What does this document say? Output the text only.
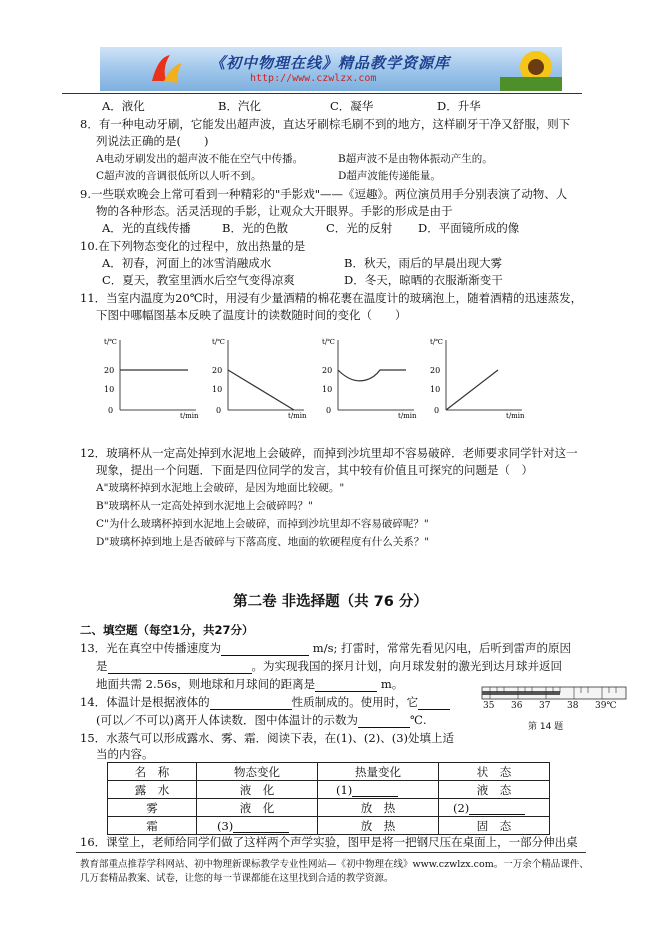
《初中物理在线》精品教学资源库
http://www.czwlzx.com
A．液化	B．汽化	C．凝华	D．升华
8．有一种电动牙刷，它能发出超声波，直达牙刷棕毛刷不到的地方，这样刷牙干净又舒服，则下
列说法正确的是(　　)
A电动牙刷发出的超声波不能在空气中传播。	B超声波不是由物体振动产生的。
C超声波的音调很低所以人听不到。	D超声波能传递能量。
9.一些联欢晚会上常可看到一种精彩的"手影戏"——《逗趣》。两位演员用手分别表演了动物、人
物的各种形态。活灵活现的手影，让观众大开眼界。手影的形成是由于
A．光的直线传播	B．光的色散	C．光的反射 D．平面镜所成的像
10.在下列物态变化的过程中，放出热量的是
A．初春，河面上的冰雪消融成水	B．秋天，雨后的早晨出现大雾
C．夏天，教室里洒水后空气变得凉爽	D．冬天，晾晒的衣服渐渐变干
11．当室内温度为20℃时，用浸有少量酒精的棉花裹在温度计的玻璃泡上，随着酒精的迅速蒸发，
下图中哪幅图基本反映了温度计的读数随时间的变化（　　）
20
10
0
t/℃
t/min
20
10
0
t/℃
t/min
20
10
0
t/℃
t/min
20
10
0
t/℃
t/min
12．玻璃杯从一定高处掉到水泥地上会破碎，而掉到沙坑里却不容易破碎．老师要求同学针对这一
现象，提出一个问题．下面是四位同学的发言，其中较有价值且可探究的问题是（　）
A"玻璃杯掉到水泥地上会破碎，是因为地面比较硬。"
B"玻璃杯从一定高处掉到水泥地上会破碎吗？"
C"为什么玻璃杯掉到水泥地上会破碎，而掉到沙坑里却不容易破碎呢？"
D"玻璃杯掉到地上是否破碎与下落高度、地面的软硬程度有什么关系？"
第二卷 非选择题（共 76 分）
二、填空题（每空1分，共27分）
13．光在真空中传播速度为	m/s; 打雷时，常常先看见闪电，后听到雷声的原因
是	。为实现我国的探月计划，向月球发射的激光到达月球并返回
地面共需 2.56s，则地球和月球间的距离是	m。
14．体温计是根据液体的	性质制成的。使用时，它
(可以／不可以)离开人体读数．图中体温计的示数为	℃.
35 36 37 38 39℃
第 14 题
15．水蒸气可以形成露水、雾、霜．阅读下表，在(1)、(2)、(3)处填上适
当的内容。
名　称	物态变化	热量变化	状　态
露　水	液　化	(1)	液　态
雾	液　化	放　热	(2)
霜	(3)	放　热	固　态
16．课堂上，老师给同学们做了这样两个声学实验，图甲是将一把钢尺压在桌面上，一部分伸出桌
教育部重点推荐学科网站、初中物理新课标教学专业性网站—《初中物理在线》www.czwlzx.com。一万余个精品课件、几万套精品教案、试卷，让您的每一节课都能在这里找到合适的教学资源。
